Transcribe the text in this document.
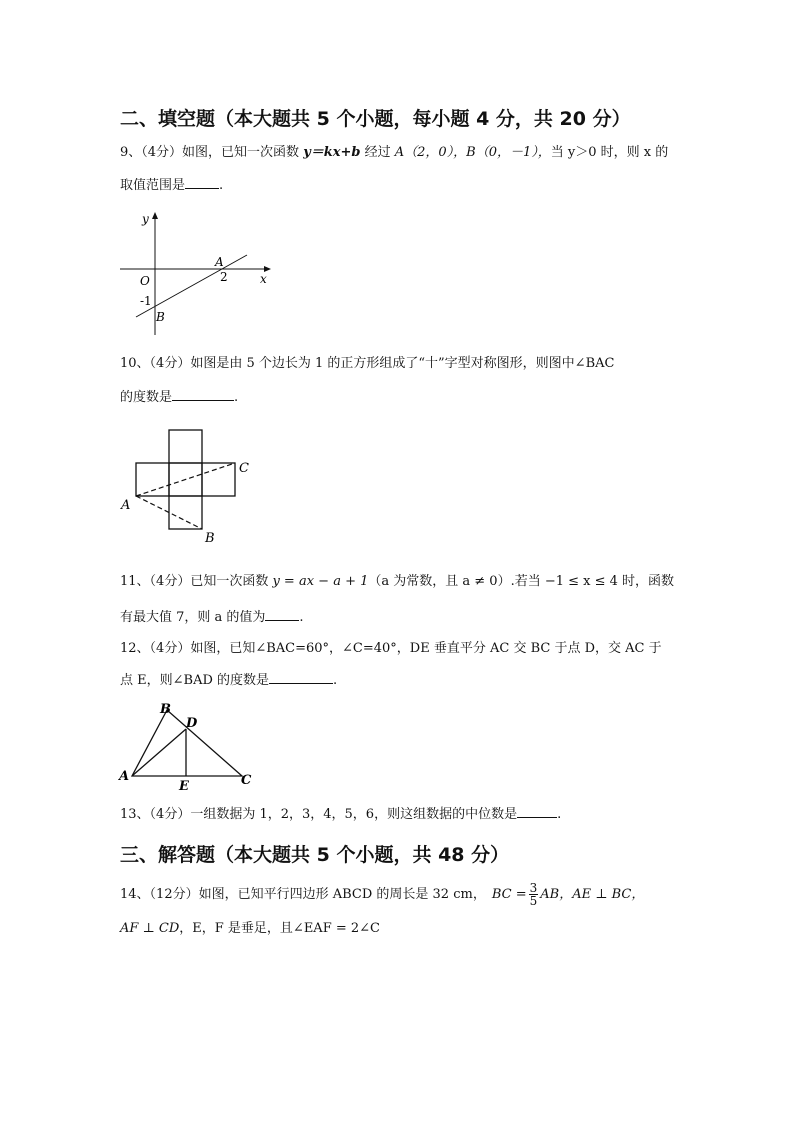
二、填空题（本大题共 5 个小题，每小题 4 分，共 20 分）
9、（4分）如图，已知一次函数 y＝kx+b 经过 A（2，0），B（0，－1），当 y＞0 时，则 x 的
取值范围是	.
y
x
O
A
2
-1
B
10、（4分）如图是由 5 个边长为 1 的正方形组成了“十”字型对称图形，则图中∠BAC
的度数是	.
A
B
C
11、（4分）已知一次函数 y = ax − a + 1（a 为常数，且 a ≠ 0）.若当 −1 ≤ x ≤ 4 时，函数
有最大值 7，则 a 的值为	.
12、（4分）如图，已知∠BAC=60°，∠C=40°，DE 垂直平分 AC 交 BC 于点 D，交 AC 于
点 E，则∠BAD 的度数是	.
A
B
D
E	C
13、（4分）一组数据为 1，2，3，4，5，6，则这组数据的中位数是	.
三、解答题（本大题共 5 个小题，共 48 分）
14、（12分）如图，已知平行四边形 ABCD 的周长是 32 cm， BC = $\frac{3}{5}$ AB ，AE ⊥ BC，
AF ⊥ CD，E，F 是垂足，且∠EAF = 2∠C
